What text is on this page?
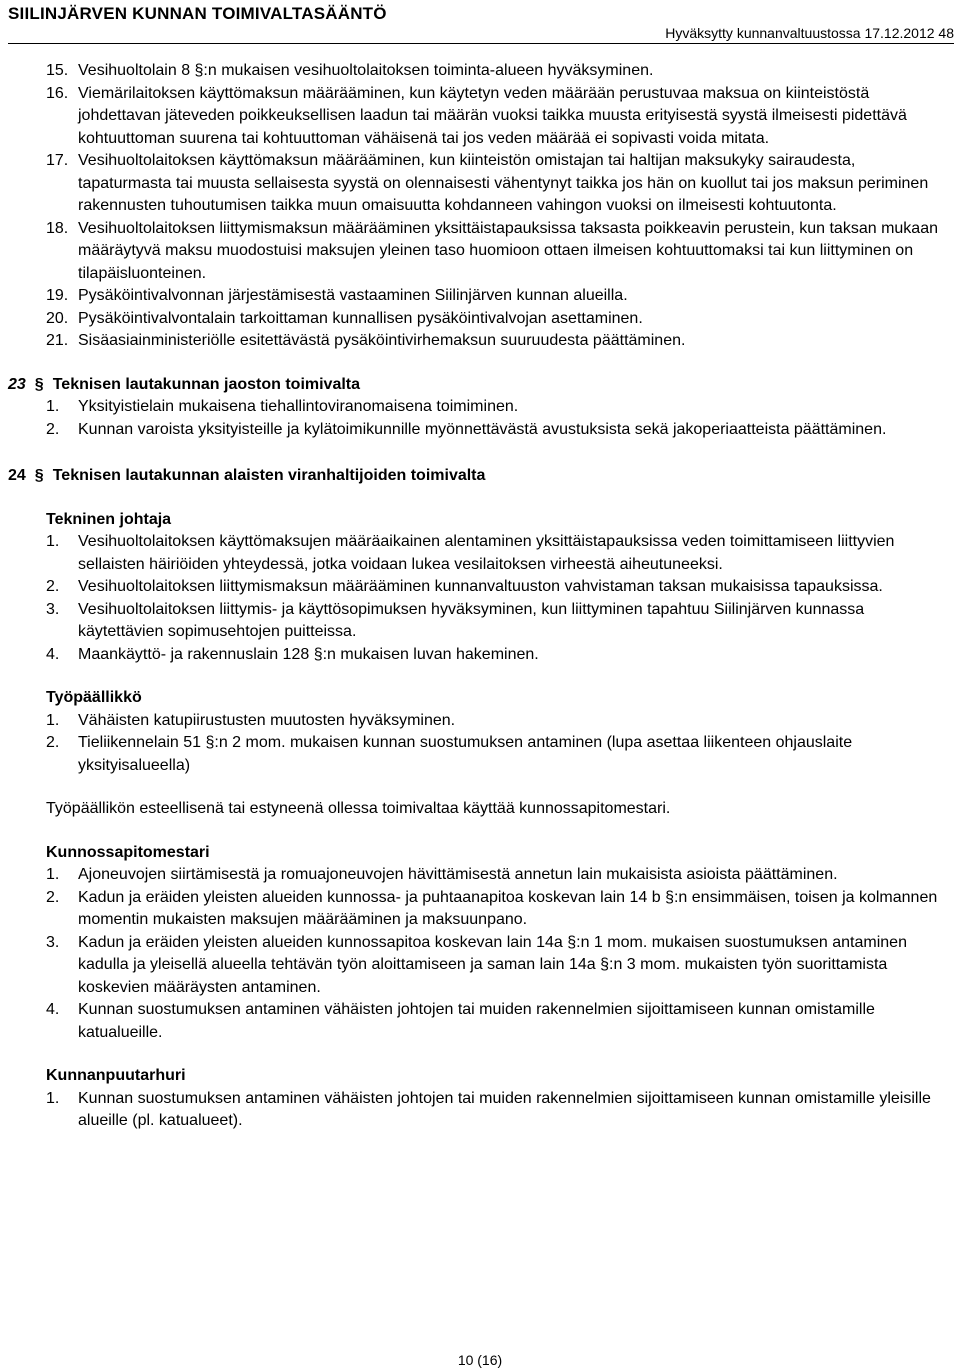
SIILINJÄRVEN KUNNAN TOIMIVALTASÄÄNTÖ
Hyväksytty kunnanvaltuustossa 17.12.2012 48
15. Vesihuoltolain 8 §:n mukaisen vesihuoltolaitoksen toiminta-alueen hyväksyminen.
16. Viemärilaitoksen käyttömaksun määrääminen, kun käytetyn veden määrään perustuvaa maksua on kiinteistöstä johdettavan jäteveden poikkeuksellisen laadun tai määrän vuoksi taikka muusta erityisestä syystä ilmeisesti pidettävä kohtuuttoman suurena tai kohtuuttoman vähäisenä tai jos veden määrää ei sopivasti voida mitata.
17. Vesihuoltolaitoksen käyttömaksun määrääminen, kun kiinteistön omistajan tai haltijan maksukyky sairaudesta, tapaturmasta tai muusta sellaisesta syystä on olennaisesti vähentynyt taikka jos hän on kuollut tai jos maksun periminen rakennusten tuhoutumisen taikka muun omaisuutta kohdanneen vahingon vuoksi on ilmeisesti kohtuutonta.
18. Vesihuoltolaitoksen liittymismaksun määrääminen yksittäistapauksissa taksasta poikkeavin perustein, kun taksan mukaan määräytyvä maksu muodostuisi maksujen yleinen taso huomioon ottaen ilmeisen kohtuuttomaksi tai kun liittyminen on tilapäisluonteinen.
19. Pysäköintivalvonnan järjestämisestä vastaaminen Siilinjärven kunnan alueilla.
20. Pysäköintivalvontalain tarkoittaman kunnallisen pysäköintivalvojan asettaminen.
21. Sisäasiainministeriölle esitettävästä pysäköintivirhemaksun suuruudesta päättäminen.
23 § Teknisen lautakunnan jaoston toimivalta
1. Yksityistielain mukaisena tiehallintoviranomaisena toimiminen.
2. Kunnan varoista yksityisteille ja kylätoimikunnille myönnettävästä avustuksista sekä jakoperiaatteista päättäminen.
24 § Teknisen lautakunnan alaisten viranhaltijoiden toimivalta
Tekninen johtaja
1. Vesihuoltolaitoksen käyttömaksujen määräaikainen alentaminen yksittäistapauksissa veden toimittamiseen liittyvien sellaisten häiriöiden yhteydessä, jotka voidaan lukea vesilaitoksen virheestä aiheutuneeksi.
2. Vesihuoltolaitoksen liittymismaksun määrääminen kunnanvaltuuston vahvistaman taksan mukaisissa tapauksissa.
3. Vesihuoltolaitoksen liittymis- ja käyttösopimuksen hyväksyminen, kun liittyminen tapahtuu Siilinjärven kunnassa käytettävien sopimusehtojen puitteissa.
4. Maankäyttö- ja rakennuslain 128 §:n mukaisen luvan hakeminen.
Työpäällikkö
1. Vähäisten katupiirustusten muutosten hyväksyminen.
2. Tieliikennelain 51 §:n 2 mom. mukaisen kunnan suostumuksen antaminen (lupa asettaa liikenteen ohjauslaite yksityisalueella)
Työpäällikön esteellisenä tai estyneenä ollessa toimivaltaa käyttää kunnossapitomestari.
Kunnossapitomestari
1. Ajoneuvojen siirtämisestä ja romuajoneuvojen hävittämisestä annetun lain mukaisista asioista päättäminen.
2. Kadun ja eräiden yleisten alueiden kunnossa- ja puhtaanapitoa koskevan lain 14 b §:n ensimmäisen, toisen ja kolmannen momentin mukaisten maksujen määrääminen ja maksuunpano.
3. Kadun ja eräiden yleisten alueiden kunnossapitoa koskevan lain 14a §:n 1 mom. mukaisen suostumuksen antaminen kadulla ja yleisellä alueella tehtävän työn aloittamiseen ja saman lain 14a §:n 3 mom. mukaisten työn suorittamista koskevien määräysten antaminen.
4. Kunnan suostumuksen antaminen vähäisten johtojen tai muiden rakennelmien sijoittamiseen kunnan omistamille katualueille.
Kunnanpuutarhuri
1. Kunnan suostumuksen antaminen vähäisten johtojen tai muiden rakennelmien sijoittamiseen kunnan omistamille yleisille alueille (pl. katualueet).
10 (16)
